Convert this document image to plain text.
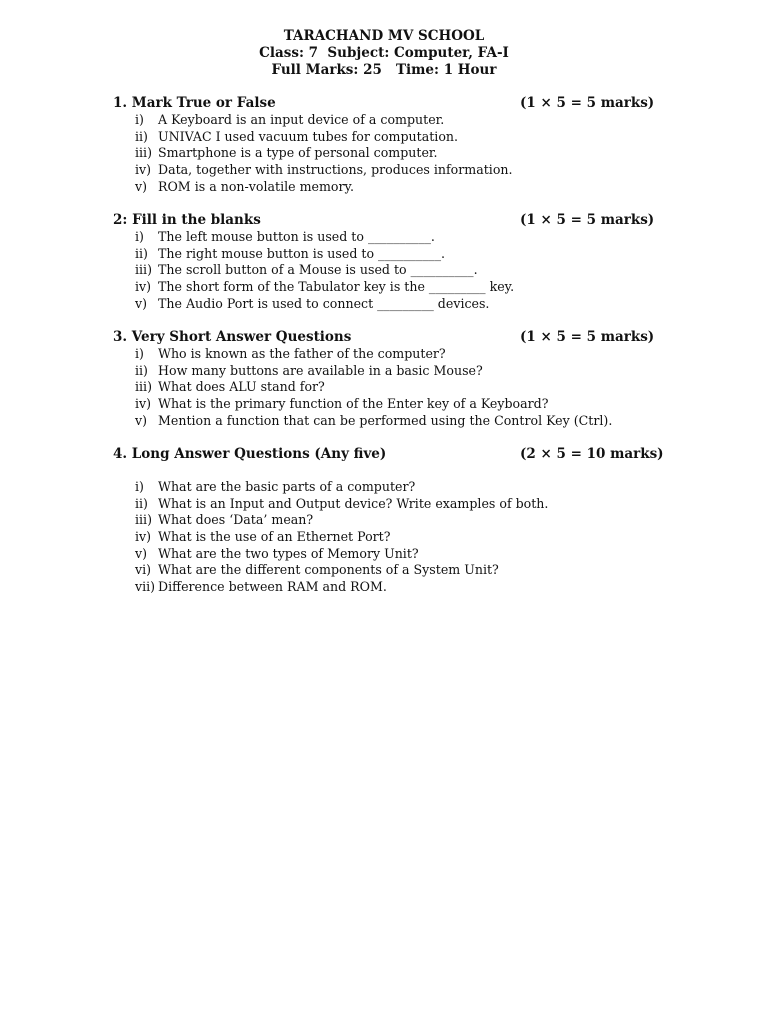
TARACHAND MV SCHOOL
Class: 7  Subject: Computer, FA-I
Full Marks: 25   Time: 1 Hour
1. Mark True or False	(1 × 5 = 5 marks)
i) A Keyboard is an input device of a computer.
ii) UNIVAC I used vacuum tubes for computation.
iii) Smartphone is a type of personal computer.
iv) Data, together with instructions, produces information.
v) ROM is a non-volatile memory.
2: Fill in the blanks	(1 × 5 = 5 marks)
i) The left mouse button is used to __________.
ii) The right mouse button is used to __________.
iii) The scroll button of a Mouse is used to __________.
iv) The short form of the Tabulator key is the _________ key.
v) The Audio Port is used to connect _________ devices.
3. Very Short Answer Questions	(1 × 5 = 5 marks)
i) Who is known as the father of the computer?
ii) How many buttons are available in a basic Mouse?
iii) What does ALU stand for?
iv) What is the primary function of the Enter key of a Keyboard?
v) Mention a function that can be performed using the Control Key (Ctrl).
4. Long Answer Questions (Any five)	(2 × 5 = 10 marks)
i) What are the basic parts of a computer?
ii) What is an Input and Output device? Write examples of both.
iii) What does ‘Data’ mean?
iv) What is the use of an Ethernet Port?
v) What are the two types of Memory Unit?
vi) What are the different components of a System Unit?
vii) Difference between RAM and ROM.
